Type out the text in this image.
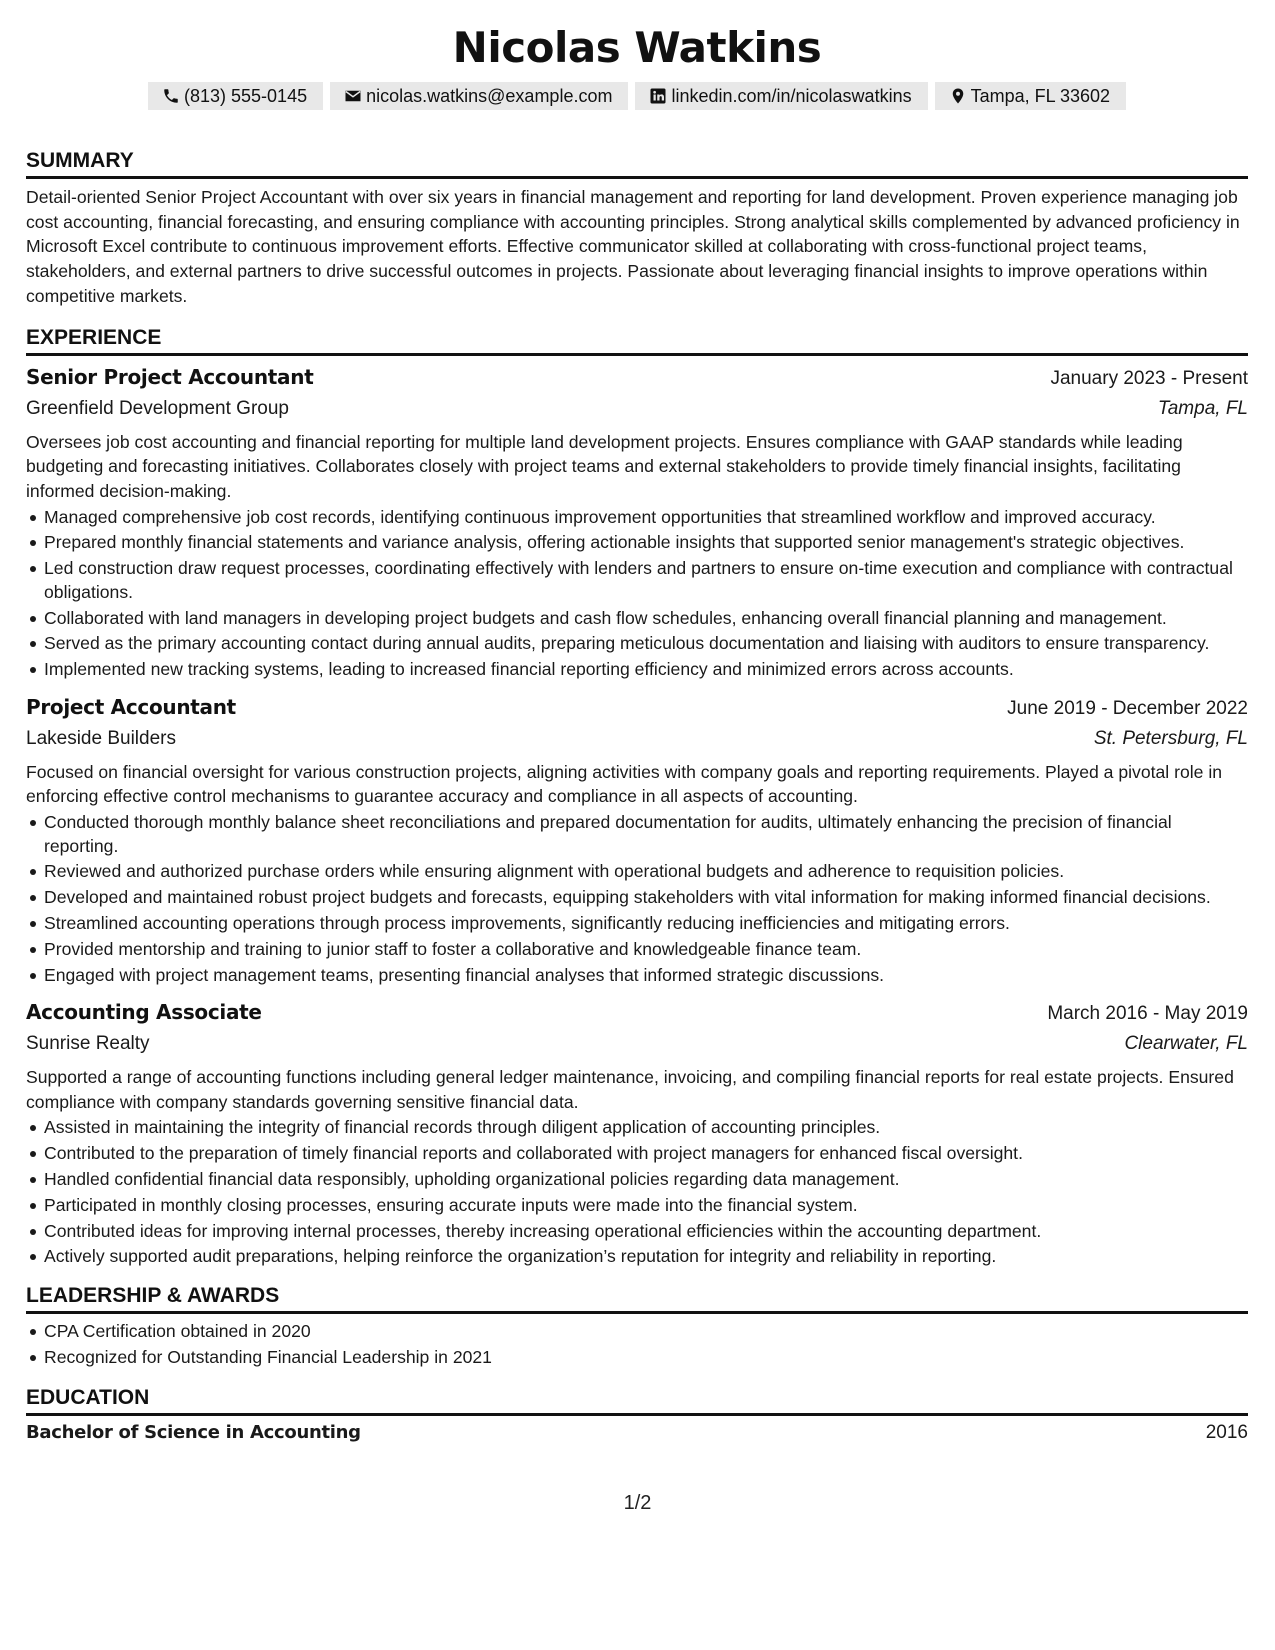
Nicolas Watkins
(813) 555-0145	nicolas.watkins@example.com	linkedin.com/in/nicolaswatkins	Tampa, FL 33602
SUMMARY

Detail-oriented Senior Project Accountant with over six years in financial management and reporting for land development. Proven experience managing job cost accounting, financial forecasting, and ensuring compliance with accounting principles. Strong analytical skills complemented by advanced proficiency in Microsoft Excel contribute to continuous improvement efforts. Effective communicator skilled at collaborating with cross-functional project teams, stakeholders, and external partners to drive successful outcomes in projects. Passionate about leveraging financial insights to improve operations within competitive markets.

EXPERIENCE
Senior Project Accountant	January 2023 - Present
Greenfield Development Group	Tampa, FL

Oversees job cost accounting and financial reporting for multiple land development projects. Ensures compliance with GAAP standards while leading budgeting and forecasting initiatives. Collaborates closely with project teams and external stakeholders to provide timely financial insights, facilitating informed decision-making.

Managed comprehensive job cost records, identifying continuous improvement opportunities that streamlined workflow and improved accuracy.
Prepared monthly financial statements and variance analysis, offering actionable insights that supported senior management's strategic objectives.
Led construction draw request processes, coordinating effectively with lenders and partners to ensure on-time execution and compliance with contractual obligations.
Collaborated with land managers in developing project budgets and cash flow schedules, enhancing overall financial planning and management.
Served as the primary accounting contact during annual audits, preparing meticulous documentation and liaising with auditors to ensure transparency.
Implemented new tracking systems, leading to increased financial reporting efficiency and minimized errors across accounts.
Project Accountant	June 2019 - December 2022
Lakeside Builders	St. Petersburg, FL

Focused on financial oversight for various construction projects, aligning activities with company goals and reporting requirements. Played a pivotal role in enforcing effective control mechanisms to guarantee accuracy and compliance in all aspects of accounting.

Conducted thorough monthly balance sheet reconciliations and prepared documentation for audits, ultimately enhancing the precision of financial reporting.
Reviewed and authorized purchase orders while ensuring alignment with operational budgets and adherence to requisition policies.
Developed and maintained robust project budgets and forecasts, equipping stakeholders with vital information for making informed financial decisions.
Streamlined accounting operations through process improvements, significantly reducing inefficiencies and mitigating errors.
Provided mentorship and training to junior staff to foster a collaborative and knowledgeable finance team.
Engaged with project management teams, presenting financial analyses that informed strategic discussions.
Accounting Associate	March 2016 - May 2019
Sunrise Realty	Clearwater, FL

Supported a range of accounting functions including general ledger maintenance, invoicing, and compiling financial reports for real estate projects. Ensured compliance with company standards governing sensitive financial data.

Assisted in maintaining the integrity of financial records through diligent application of accounting principles.
Contributed to the preparation of timely financial reports and collaborated with project managers for enhanced fiscal oversight.
Handled confidential financial data responsibly, upholding organizational policies regarding data management.
Participated in monthly closing processes, ensuring accurate inputs were made into the financial system.
Contributed ideas for improving internal processes, thereby increasing operational efficiencies within the accounting department.
Actively supported audit preparations, helping reinforce the organization’s reputation for integrity and reliability in reporting.
LEADERSHIP & AWARDS
CPA Certification obtained in 2020
Recognized for Outstanding Financial Leadership in 2021
EDUCATION
Bachelor of Science in Accounting	2016
1/2
